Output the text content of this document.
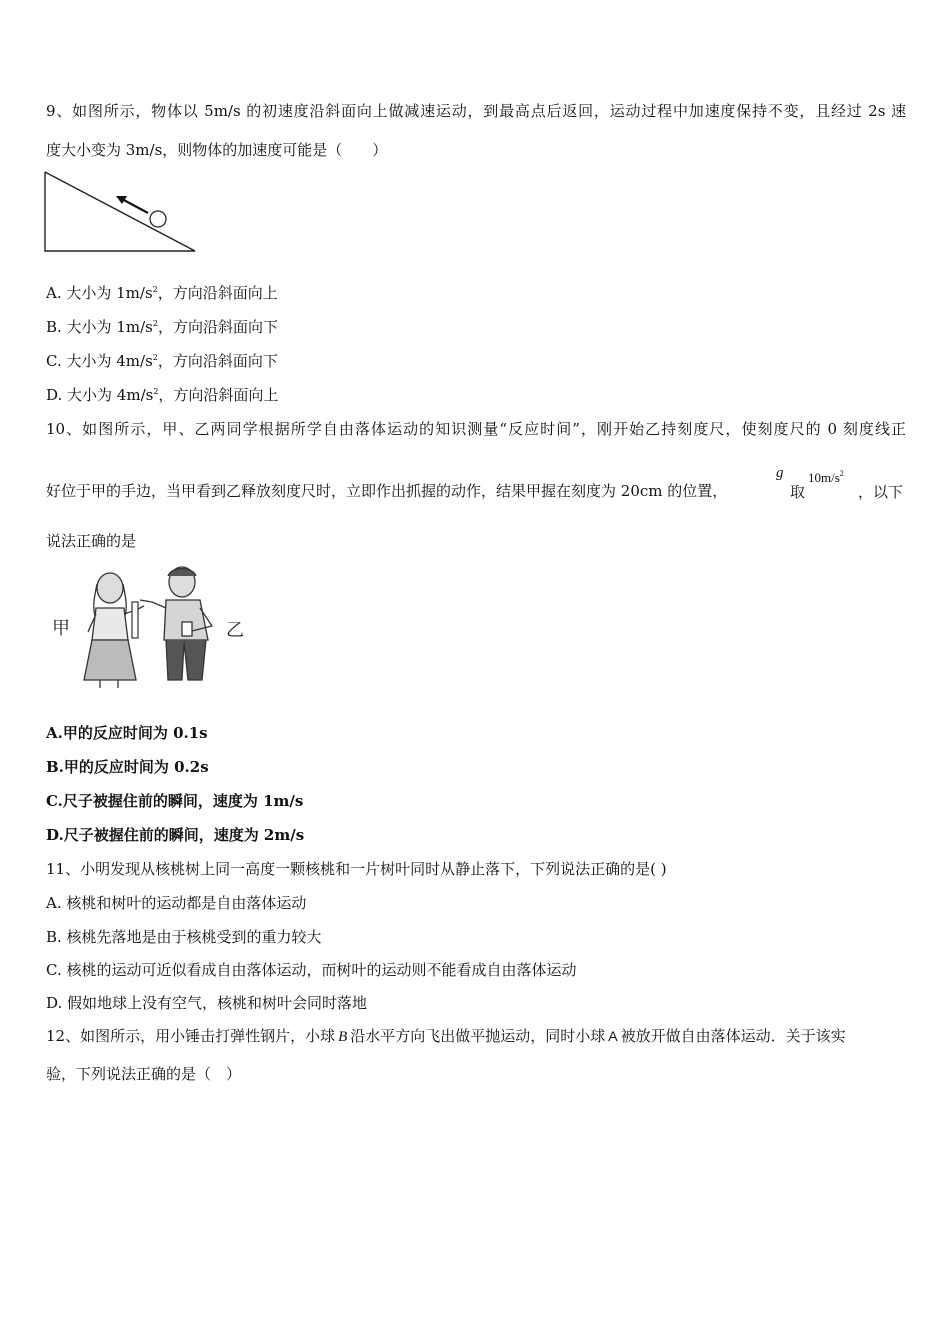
9、如图所示，物体以 5m/s 的初速度沿斜面向上做减速运动，到最高点后返回，运动过程中加速度保持不变，且经过 2s 速
度大小变为 3m/s，则物体的加速度可能是（　　）
A. 大小为 $1m/s^2$，方向沿斜面向上
B. 大小为 $1m/s^2$，方向沿斜面向下
C. 大小为 $4m/s^2$，方向沿斜面向下
D. 大小为 $4m/s^2$，方向沿斜面向上
10、如图所示，甲、乙两同学根据所学自由落体运动的知识测量“反应时间”，刚开始乙持刻度尺，使刻度尺的 0 刻度线正
好位于甲的手边，当甲看到乙释放刻度尺时，立即作出抓握的动作，结果甲握在刻度为 20cm 的位置，
g
取
$10m/s^2$
，以下
说法正确的是
甲	乙
A.甲的反应时间为 0.1s
B.甲的反应时间为 0.2s
C.尺子被握住前的瞬间，速度为 1m/s
D.尺子被握住前的瞬间，速度为 2m/s
11、小明发现从核桃树上同一高度一颗核桃和一片树叶同时从静止落下，下列说法正确的是( )
A. 核桃和树叶的运动都是自由落体运动
B. 核桃先落地是由于核桃受到的重力较大
C. 核桃的运动可近似看成自由落体运动，而树叶的运动则不能看成自由落体运动
D. 假如地球上没有空气，核桃和树叶会同时落地
12、如图所示，用小锤击打弹性钢片，小球 B 沿水平方向飞出做平抛运动，同时小球 A 被放开做自由落体运动．关于该实
验，下列说法正确的是（　）
